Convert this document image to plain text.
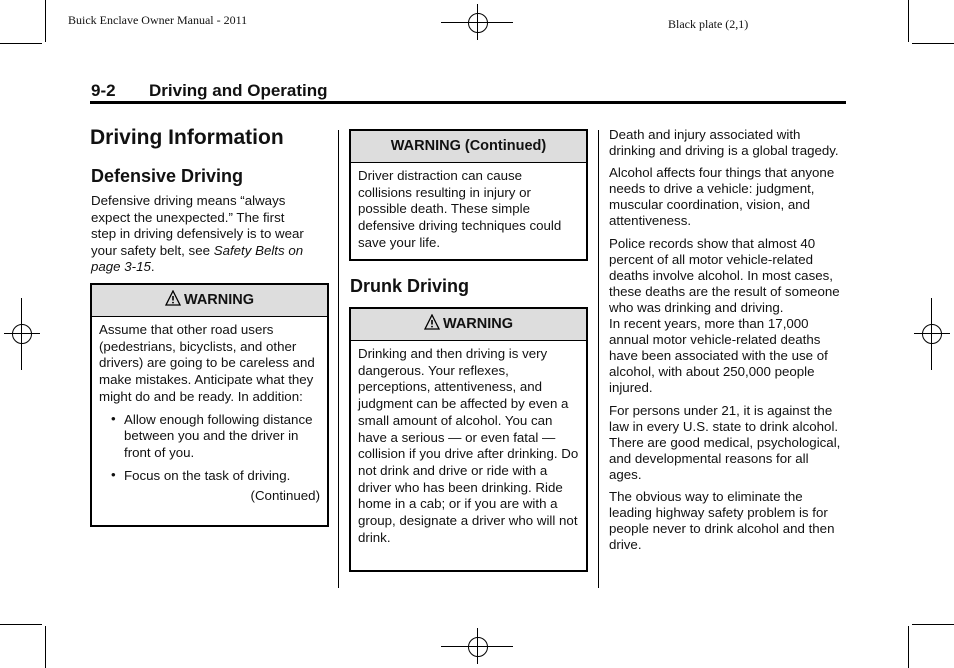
Buick Enclave Owner Manual - 2011	Black plate (2,1)
9-2 Driving and Operating
Driving Information
Defensive Driving
Defensive driving means “always
expect the unexpected.” The first
step in driving defensively is to wear
your safety belt, see Safety Belts on
page 3-15.
WARNING
Assume that other road users (pedestrians, bicyclists, and other drivers) are going to be careless and make mistakes. Anticipate what they might do and be ready. In addition:
• Allow enough following distance between you and the driver in front of you.
• Focus on the task of driving.
(Continued)
WARNING (Continued)
Driver distraction can cause collisions resulting in injury or possible death. These simple defensive driving techniques could save your life.
Drunk Driving
WARNING
Drinking and then driving is very dangerous. Your reflexes, perceptions, attentiveness, and judgment can be affected by even a small amount of alcohol. You can have a serious — or even fatal — collision if you drive after drinking. Do not drink and drive or ride with a driver who has been drinking. Ride home in a cab; or if you are with a group, designate a driver who will not drink.

Death and injury associated with drinking and driving is a global tragedy.

Alcohol affects four things that anyone needs to drive a vehicle: judgment, muscular coordination, vision, and attentiveness.

Police records show that almost 40 percent of all motor vehicle-related deaths involve alcohol. In most cases, these deaths are the result of someone who was drinking and driving.

In recent years, more than 17,000 annual motor vehicle-related deaths have been associated with the use of alcohol, with about 250,000 people injured.

For persons under 21, it is against the law in every U.S. state to drink alcohol. There are good medical, psychological, and developmental reasons for all ages.

The obvious way to eliminate the leading highway safety problem is for people never to drink alcohol and then drive.
